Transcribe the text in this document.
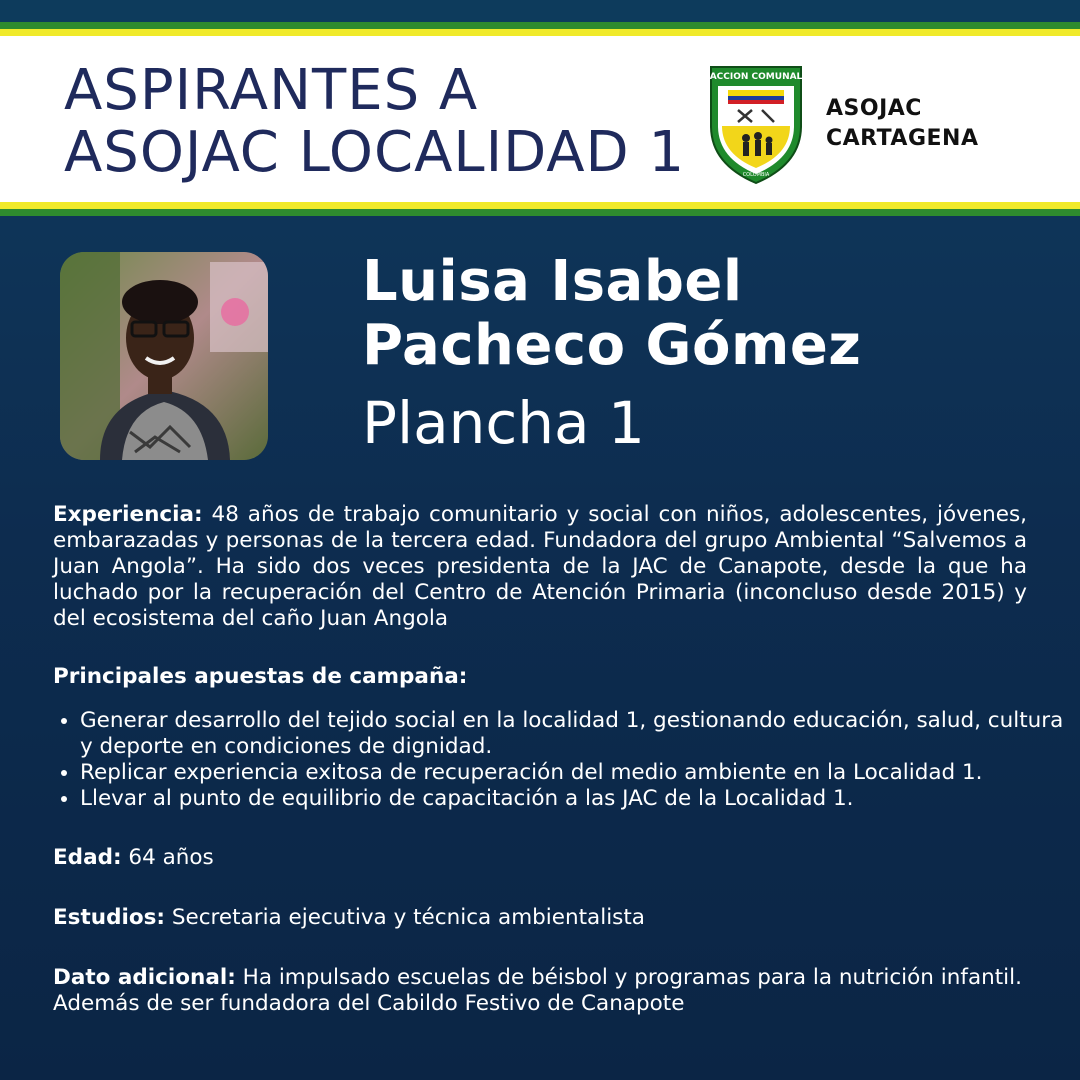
ASPIRANTES A
ASOJAC LOCALIDAD 1
ACCION COMUNAL
COLOMBIA
ASOJAC
CARTAGENA
Luisa Isabel
Pacheco Gómez
Plancha 1
Experiencia: 48 años de trabajo comunitario y social con niños, adolescentes, jóvenes, embarazadas y personas de la tercera edad. Fundadora del grupo Ambiental “Salvemos a Juan Angola”. Ha sido dos veces presidenta de la JAC de Canapote, desde la que ha luchado por la recuperación del Centro de Atención Primaria (inconcluso desde 2015) y del ecosistema del caño Juan Angola
Principales apuestas de campaña:
• Generar desarrollo del tejido social en la localidad 1, gestionando educación, salud, cultura y deporte en condiciones de dignidad.
• Replicar experiencia exitosa de recuperación del medio ambiente en la Localidad 1.
• Llevar al punto de equilibrio de capacitación a las JAC de la Localidad 1.
Edad: 64 años
Estudios: Secretaria ejecutiva y técnica ambientalista
Dato adicional: Ha impulsado escuelas de béisbol y programas para la nutrición infantil. Además de ser fundadora del Cabildo Festivo de Canapote
